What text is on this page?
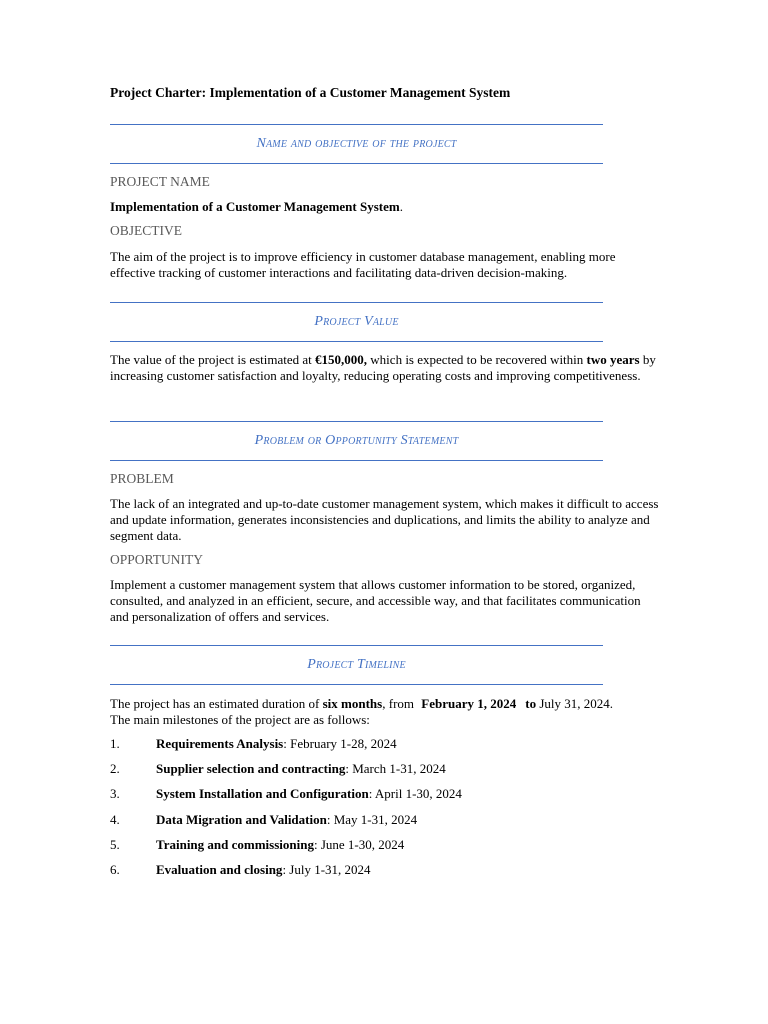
Project Charter: Implementation of a Customer Management System
Name and objective of the project
PROJECT NAME
Implementation of a Customer Management System.
OBJECTIVE
The aim of the project is to improve efficiency in customer database management, enabling more effective tracking of customer interactions and facilitating data-driven decision-making.
Project Value
The value of the project is estimated at €150,000, which is expected to be recovered within two years by increasing customer satisfaction and loyalty, reducing operating costs and improving competitiveness.
Problem or Opportunity Statement
PROBLEM
The lack of an integrated and up-to-date customer management system, which makes it difficult to access and update information, generates inconsistencies and duplications, and limits the ability to analyze and segment data.
OPPORTUNITY
Implement a customer management system that allows customer information to be stored, organized, consulted, and analyzed in an efficient, secure, and accessible way, and that facilitates communication and personalization of offers and services.
Project Timeline
The project has an estimated duration of six months, from February 1, 2024 to July 31, 2024.
The main milestones of the project are as follows:
1.	Requirements Analysis: February 1-28, 2024
2.	Supplier selection and contracting: March 1-31, 2024
3.	System Installation and Configuration: April 1-30, 2024
4.	Data Migration and Validation: May 1-31, 2024
5.	Training and commissioning: June 1-30, 2024
6.	Evaluation and closing: July 1-31, 2024
